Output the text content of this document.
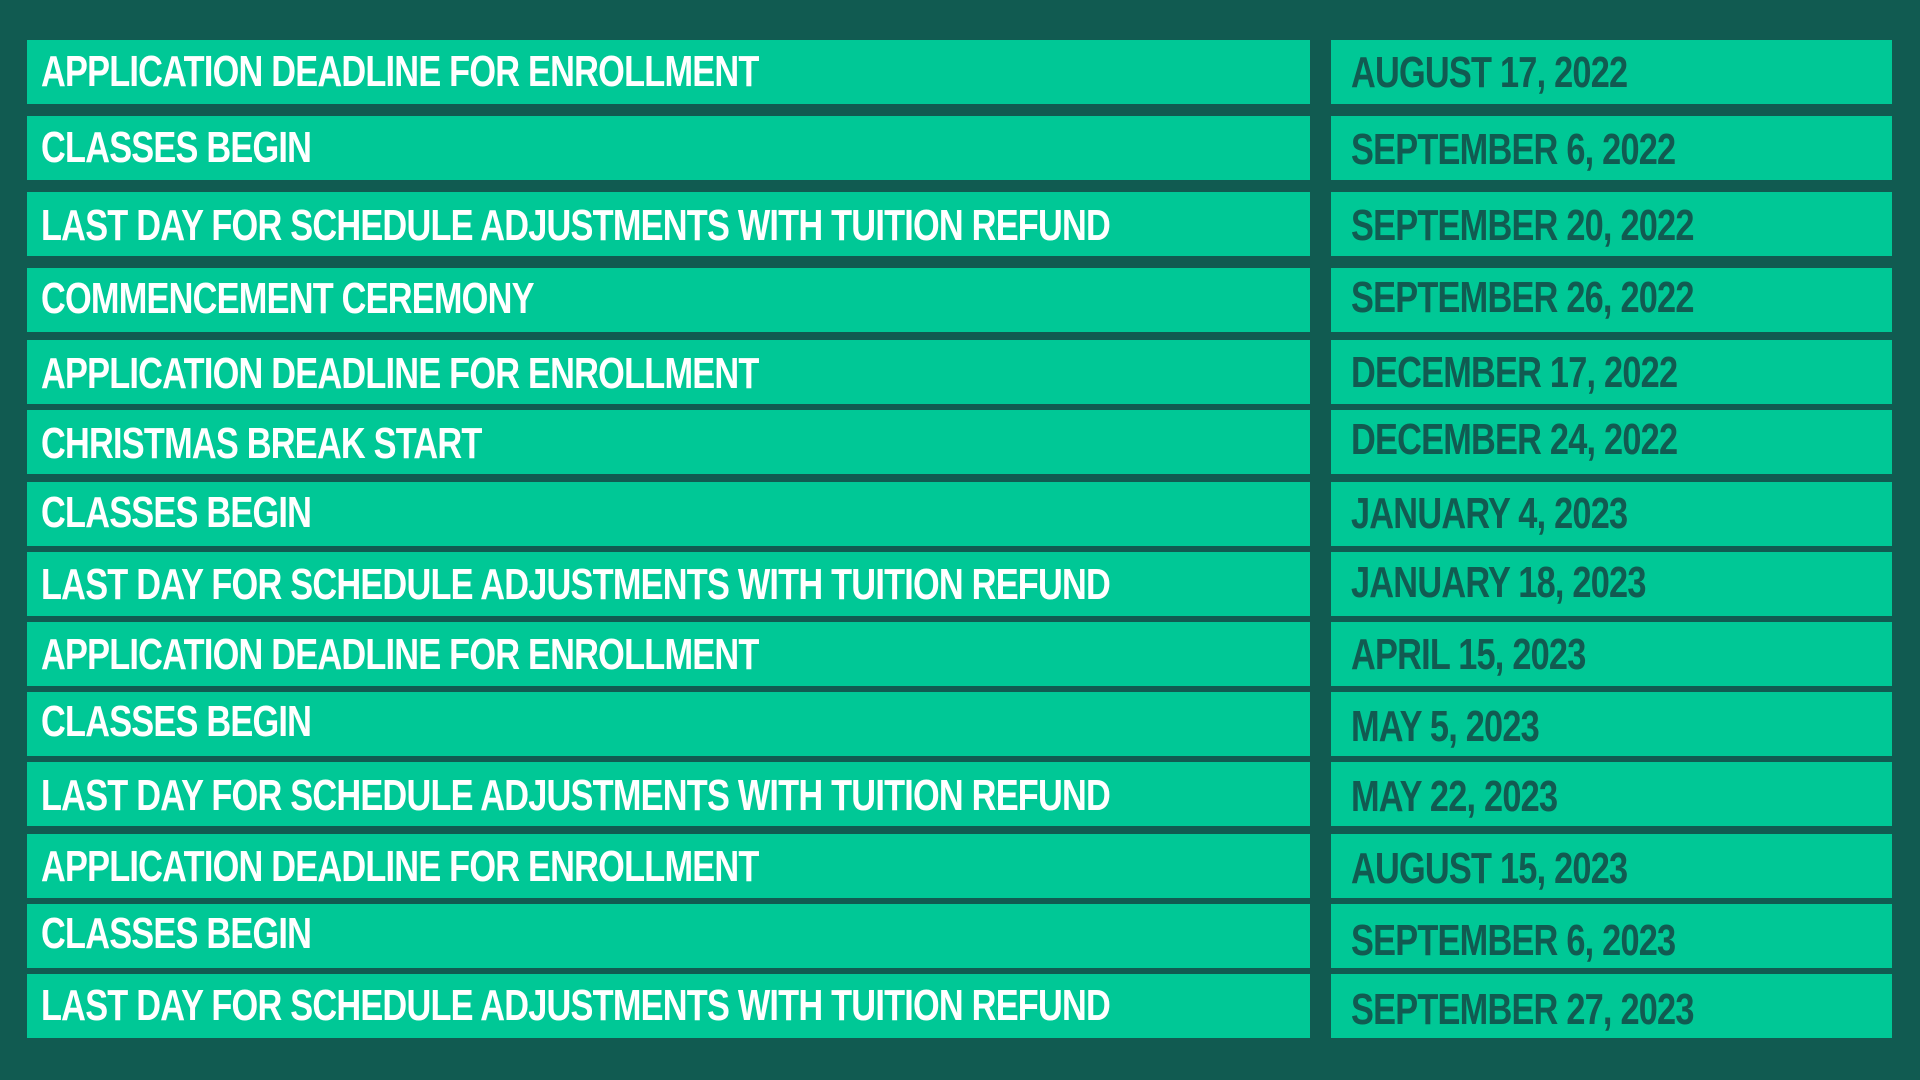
APPLICATION DEADLINE FOR ENROLLMENT	AUGUST 17, 2022
CLASSES BEGIN	SEPTEMBER 6, 2022
LAST DAY FOR SCHEDULE ADJUSTMENTS WITH TUITION REFUND	SEPTEMBER 20, 2022
COMMENCEMENT CEREMONY	SEPTEMBER 26, 2022
APPLICATION DEADLINE FOR ENROLLMENT	DECEMBER 17, 2022
CHRISTMAS BREAK START	DECEMBER 24, 2022
CLASSES BEGIN	JANUARY 4, 2023
LAST DAY FOR SCHEDULE ADJUSTMENTS WITH TUITION REFUND	JANUARY 18, 2023
APPLICATION DEADLINE FOR ENROLLMENT	APRIL 15, 2023
CLASSES BEGIN	MAY 5, 2023
LAST DAY FOR SCHEDULE ADJUSTMENTS WITH TUITION REFUND	MAY 22, 2023
APPLICATION DEADLINE FOR ENROLLMENT	AUGUST 15, 2023
CLASSES BEGIN	SEPTEMBER 6, 2023
LAST DAY FOR SCHEDULE ADJUSTMENTS WITH TUITION REFUND	SEPTEMBER 27, 2023
